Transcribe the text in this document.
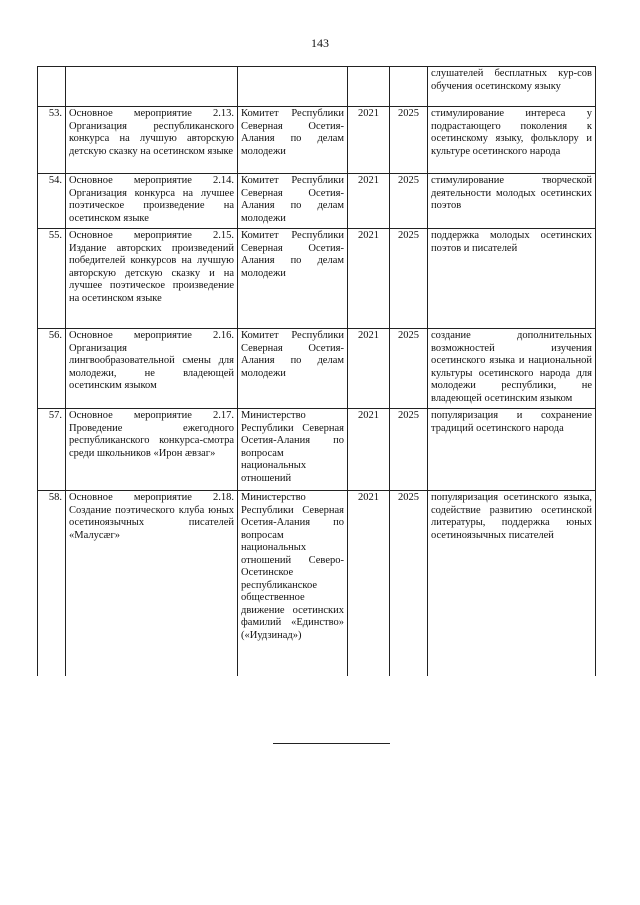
143
					слушателей бесплатных кур-сов обучения осетинскому языку
53.	Основное мероприятие 2.13. Организация республиканского конкурса на лучшую авторскую детскую сказку на осетинском языке	Комитет Республики Северная Осетия-Алания по делам молодежи	2021	2025	стимулирование интереса у подрастающего поколения к осетинскому языку, фольклору и культуре осетинского народа
54.	Основное мероприятие 2.14. Организация конкурса на лучшее поэтическое произведение на осетинском языке	Комитет Республики Северная Осетия-Алания по делам молодежи	2021	2025	стимулирование творческой деятельности молодых осетинских поэтов
55.	Основное мероприятие 2.15. Издание авторских произведений победителей конкурсов на лучшую авторскую детскую сказку и на лучшее поэтическое произведение на осетинском языке	Комитет Республики Северная Осетия-Алания по делам молодежи	2021	2025	поддержка молодых осетинских поэтов и писателей
56.	Основное мероприятие 2.16. Организация лингвообразовательной смены для молодежи, не владеющей осетинским языком	Комитет Республики Северная Осетия-Алания по делам молодежи	2021	2025	создание дополнительных возможностей изучения осетинского языка и национальной культуры осетинского народа для молодежи республики, не владеющей осетинским языком
57.	Основное мероприятие 2.17. Проведение ежегодного республиканского конкурса-смотра среди школьников «Ирон æвзаг»	Министерство Республики Северная Осетия-Алания по вопросам национальных отношений	2021	2025	популяризация и сохранение традиций осетинского народа
58.	Основное мероприятие 2.18. Создание поэтического клуба юных осетиноязычных писателей «Малусæг»	Министерство Республики Северная Осетия-Алания по вопросам национальных отношений Северо-Осетинское республиканское общественное движение осетинских фамилий «Единство» («Иудзинад»)	2021	2025	популяризация осетинского языка, содействие развитию осетинской литературы, поддержка юных осетиноязычных писателей
